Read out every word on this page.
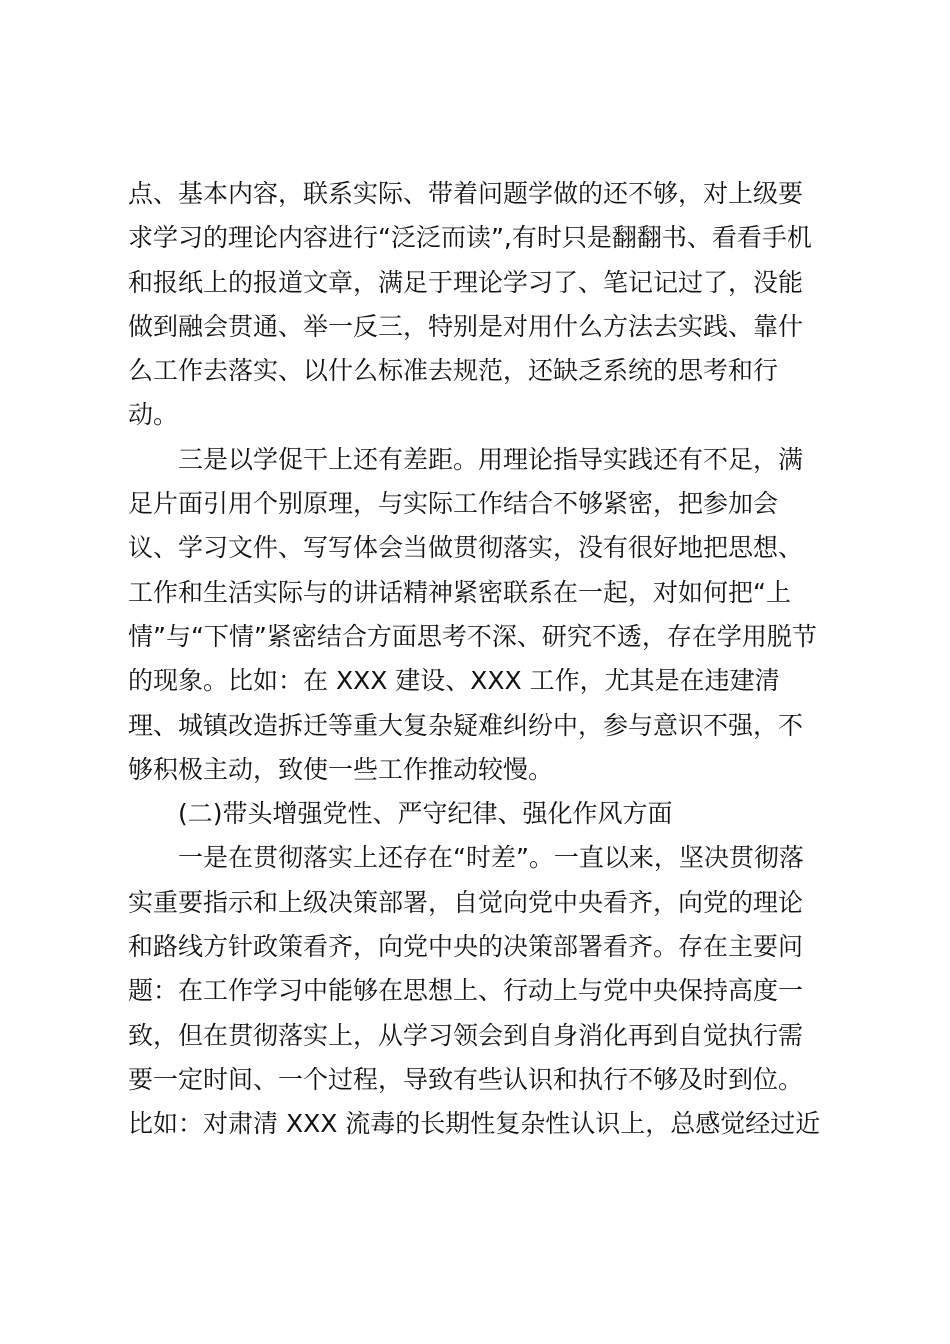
点、基本内容，联系实际、带着问题学做的还不够，对上级要
求学习的理论内容进行“泛泛而读”,有时只是翻翻书、看看手机
和报纸上的报道文章，满足于理论学习了、笔记记过了，没能
做到融会贯通、举一反三，特别是对用什么方法去实践、靠什
么工作去落实、以什么标准去规范，还缺乏系统的思考和行
动。
三是以学促干上还有差距。用理论指导实践还有不足，满
足片面引用个别原理，与实际工作结合不够紧密，把参加会
议、学习文件、写写体会当做贯彻落实，没有很好地把思想、
工作和生活实际与的讲话精神紧密联系在一起，对如何把“上
情”与“下情”紧密结合方面思考不深、研究不透，存在学用脱节
的现象。比如：在 XXX 建设、XXX 工作，尤其是在违建清
理、城镇改造拆迁等重大复杂疑难纠纷中，参与意识不强，不
够积极主动，致使一些工作推动较慢。
(二)带头增强党性、严守纪律、强化作风方面
一是在贯彻落实上还存在“时差”。一直以来，坚决贯彻落
实重要指示和上级决策部署，自觉向党中央看齐，向党的理论
和路线方针政策看齐，向党中央的决策部署看齐。存在主要问
题：在工作学习中能够在思想上、行动上与党中央保持高度一
致，但在贯彻落实上，从学习领会到自身消化再到自觉执行需
要一定时间、一个过程，导致有些认识和执行不够及时到位。
比如：对肃清 XXX 流毒的长期性复杂性认识上，总感觉经过近
